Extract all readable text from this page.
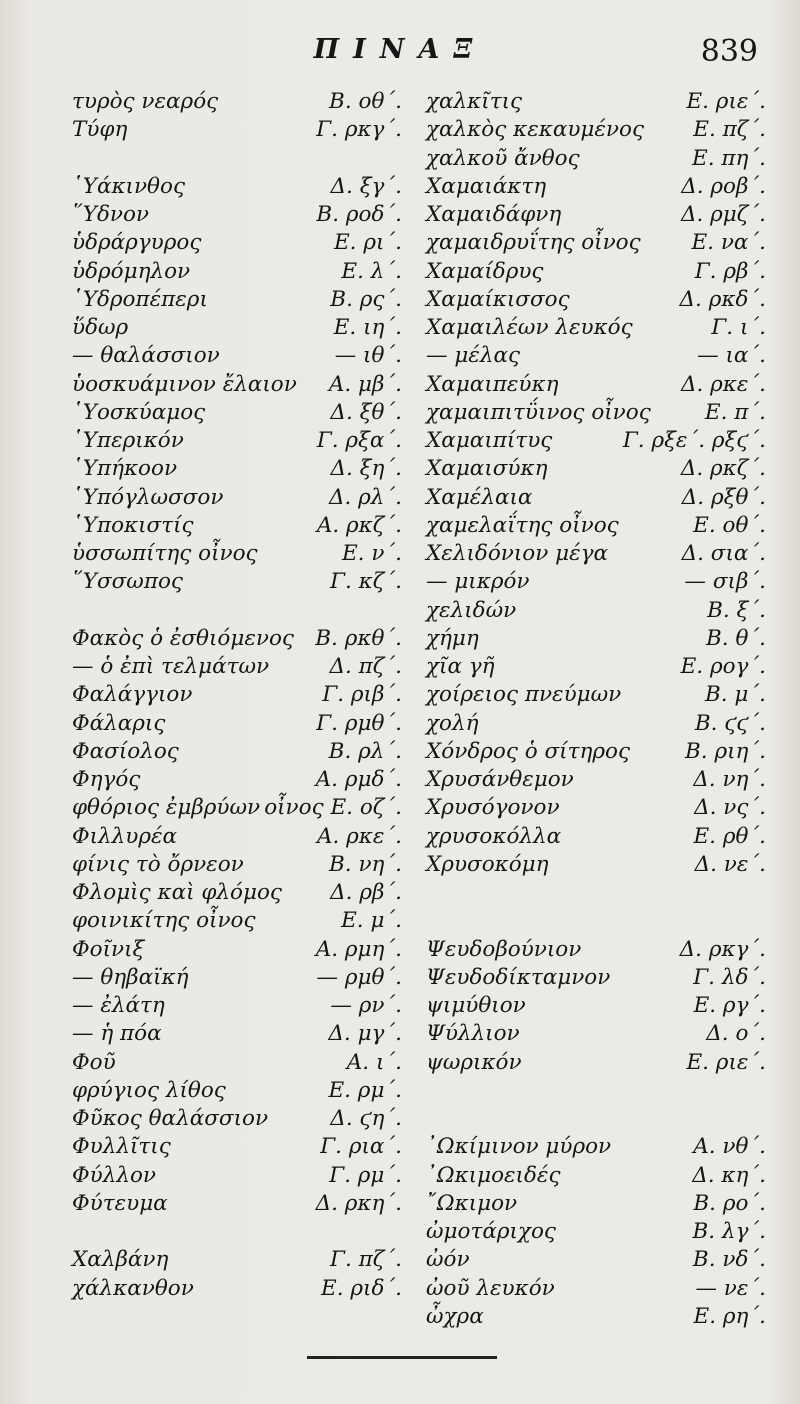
ΠΙΝΑΞ	839
τυρὸς νεαρός	Β. οθ΄.
Τύφη	Γ. ρκγ΄.
῾Υάκινθος	Δ. ξγ΄.
῞Υδνον	Β. ροδ΄.
ὑδράργυρος	Ε. ρι΄.
ὑδρόμηλον	Ε. λ΄.
῾Υδροπέπερι	Β. ρς΄.
ὕδωρ	Ε. ιη΄.
— θαλάσσιον	— ιθ΄.
ὑοσκυάμινον ἔλαιον Α. μβ΄.
῾Υοσκύαμος	Δ. ξθ΄.
῾Υπερικόν	Γ. ρξα΄.
῾Υπήκοον	Δ. ξη΄.
῾Υπόγλωσσον	Δ. ρλ΄.
῾Υποκιστίς	Α. ρκζ΄.
ὑσσωπίτης οἶνος	Ε. ν΄.
῞Υσσωπος	Γ. κζ΄.
Φακὸς ὁ ἐσθιόμενος Β. ρκθ΄.
— ὁ ἐπὶ τελμάτων	Δ. πζ΄.
Φαλάγγιον	Γ. ριβ΄.
Φάλαρις	Γ. ρμθ΄.
Φασίολος	Β. ρλ΄.
Φηγός	Α. ρμδ΄.
φθόριος ἐμβρύων οἶνος Ε. οζ΄.
Φιλλυρέα	Α. ρκε΄.
φίνις τὸ ὄρνεον	Β. νη΄.
Φλομὶς καὶ φλόμος Δ. ρβ΄.
φοινικίτης οἶνος	Ε. μ΄.
Φοῖνιξ	Α. ρμη΄.
— θηβαϊκή	— ρμθ΄.
— ἐλάτη	— ρν΄.
— ἡ πόα	Δ. μγ΄.
Φοῦ	Α. ι΄.
φρύγιος λίθος	Ε. ρμ΄.
Φῦκος θαλάσσιον	Δ. ϛη΄.
Φυλλῖτις	Γ. ρια΄.
Φύλλον	Γ. ρμ΄.
Φύτευμα	Δ. ρκη΄.
Χαλβάνη	Γ. πζ΄.
χάλκανθον	Ε. ριδ΄.
χαλκῖτις	Ε. ριε΄.
χαλκὸς κεκαυμένος Ε. πζ΄.
χαλκοῦ ἄνθος	Ε. πη΄.
Χαμαιάκτη	Δ. ροβ΄.
Χαμαιδάφνη	Δ. ρμζ΄.
χαμαιδρυΐτης οἶνος Ε. να΄.
Χαμαίδρυς	Γ. ρβ΄.
Χαμαίκισσος	Δ. ρκδ΄.
Χαμαιλέων λευκός	Γ. ι΄.
— μέλας	— ια΄.
Χαμαιπεύκη	Δ. ρκε΄.
χαμαιπιτΰινος οἶνος	Ε. π΄.
Χαμαιπίτυς	Γ. ρξε΄. ρξϛ΄.
Χαμαισύκη	Δ. ρκζ΄.
Χαμέλαια	Δ. ρξθ΄.
χαμελαΐτης οἶνος	Ε. οθ΄.
Χελιδόνιον μέγα	Δ. σια΄.
— μικρόν	— σιβ΄.
χελιδών	Β. ξ΄.
χήμη	Β. θ΄.
χῖα γῆ	Ε. ρογ΄.
χοίρειος πνεύμων	Β. μ΄.
χολή	Β. ϛϛ΄.
Χόνδρος ὁ σίτηρος	Β. ριη΄.
Χρυσάνθεμον	Δ. νη΄.
Χρυσόγονον	Δ. νς΄.
χρυσοκόλλα	Ε. ρθ΄.
Χρυσοκόμη	Δ. νε΄.
Ψευδοβούνιον	Δ. ρκγ΄.
Ψευδοδίκταμνον	Γ. λδ΄.
ψιμύθιον	Ε. ργ΄.
Ψύλλιον	Δ. ο΄.
ψωρικόν	Ε. ριε΄.
᾿Ωκίμινον μύρον	Α. νθ΄.
᾿Ωκιμοειδές	Δ. κη΄.
῎Ωκιμον	Β. ρο΄.
ὠμοτάριχος	Β. λγ΄.
ὠόν	Β. νδ΄.
ὠοῦ λευκόν	— νε΄.
ὦχρα	Ε. ρη΄.
